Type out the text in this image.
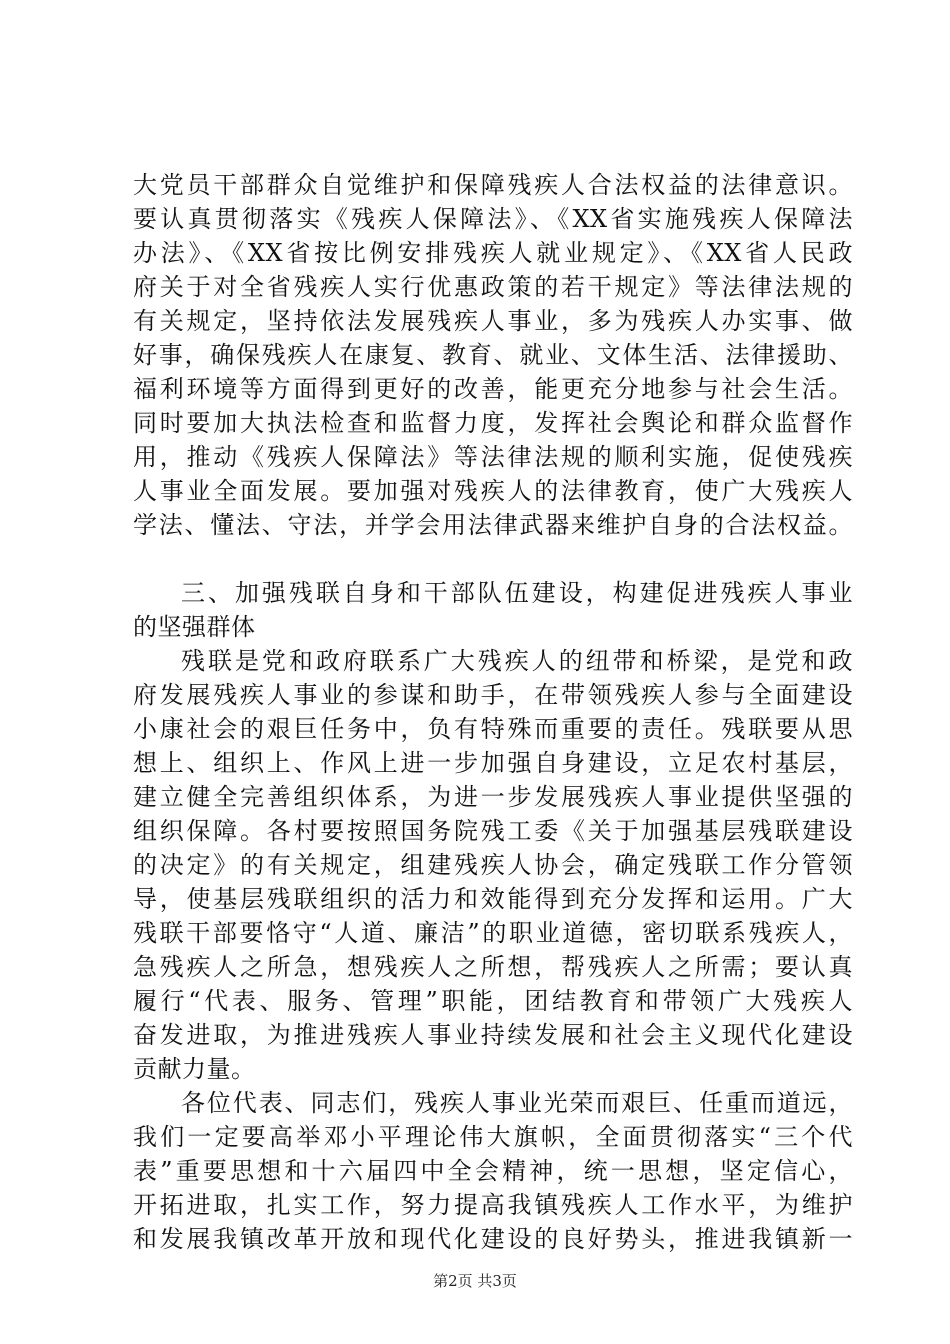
大党员干部群众自觉维护和保障残疾人合法权益的法律意识。
要认真贯彻落实《残疾人保障法》、《XX省实施残疾人保障法
办法》、《XX省按比例安排残疾人就业规定》、《XX省人民政
府关于对全省残疾人实行优惠政策的若干规定》等法律法规的
有关规定，坚持依法发展残疾人事业，多为残疾人办实事、做
好事，确保残疾人在康复、教育、就业、文体生活、法律援助、
福利环境等方面得到更好的改善，能更充分地参与社会生活。
同时要加大执法检查和监督力度，发挥社会舆论和群众监督作
用，推动《残疾人保障法》等法律法规的顺利实施，促使残疾
人事业全面发展。要加强对残疾人的法律教育，使广大残疾人
学法、懂法、守法，并学会用法律武器来维护自身的合法权益。
三、加强残联自身和干部队伍建设，构建促进残疾人事业
的坚强群体
残联是党和政府联系广大残疾人的纽带和桥梁，是党和政
府发展残疾人事业的参谋和助手，在带领残疾人参与全面建设
小康社会的艰巨任务中，负有特殊而重要的责任。残联要从思
想上、组织上、作风上进一步加强自身建设，立足农村基层，
建立健全完善组织体系，为进一步发展残疾人事业提供坚强的
组织保障。各村要按照国务院残工委《关于加强基层残联建设
的决定》的有关规定，组建残疾人协会，确定残联工作分管领
导，使基层残联组织的活力和效能得到充分发挥和运用。广大
残联干部要恪守“人道、廉洁”的职业道德，密切联系残疾人，
急残疾人之所急，想残疾人之所想，帮残疾人之所需；要认真
履行“代表、服务、管理”职能，团结教育和带领广大残疾人
奋发进取，为推进残疾人事业持续发展和社会主义现代化建设
贡献力量。
各位代表、同志们，残疾人事业光荣而艰巨、任重而道远，
我们一定要高举邓小平理论伟大旗帜，全面贯彻落实“三个代
表”重要思想和十六届四中全会精神，统一思想，坚定信心，
开拓进取，扎实工作，努力提高我镇残疾人工作水平，为维护
和发展我镇改革开放和现代化建设的良好势头，推进我镇新一
第2页 共3页
